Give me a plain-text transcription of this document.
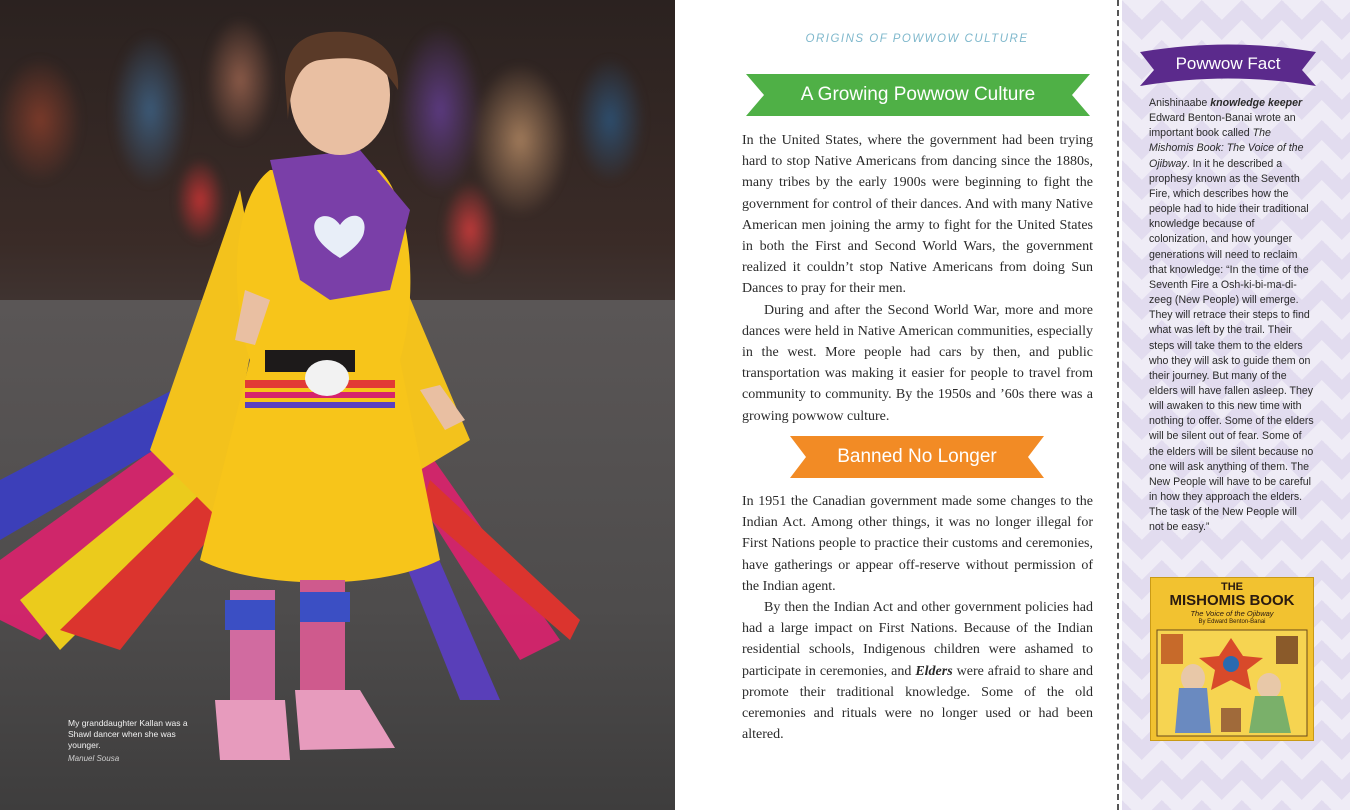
My granddaughter Kallan was a Shawl dancer when she was younger.
Manuel Sousa
ORIGINS OF POWWOW CULTURE
A Growing Powwow Culture

In the United States, where the government had been trying hard to stop Native Americans from dancing since the 1880s, many tribes by the early 1900s were beginning to fight the government for control of their dances. And with many Native American men joining the army to fight for the United States in both the First and Second World Wars, the government realized it couldn’t stop Native Americans from doing Sun Dances to pray for their men.

During and after the Second World War, more and more dances were held in Native American communities, especially in the west. More people had cars by then, and public transportation was making it easier for people to travel from community to community. By the 1950s and ’60s there was a growing powwow culture.

Banned No Longer

In 1951 the Canadian government made some changes to the Indian Act. Among other things, it was no longer illegal for First Nations people to practice their customs and ceremonies, have gatherings or appear off-reserve without permission of the Indian agent.

By then the Indian Act and other government policies had had a large impact on First Nations. Because of the Indian residential schools, Indigenous children were ashamed to participate in ceremonies, and Elders were afraid to share and promote their traditional knowledge. Some of the old ceremonies and rituals were no longer used or had been altered.

Powwow Fact
Anishinaabe knowledge keeper Edward Benton-Banai wrote an important book called The Mishomis Book: The Voice of the Ojibway. In it he described a prophesy known as the Seventh Fire, which describes how the people had to hide their traditional knowledge because of colonization, and how younger generations will need to reclaim that knowledge: “In the time of the Seventh Fire a Osh-ki-bi-ma-di-zeeg (New People) will emerge. They will retrace their steps to find what was left by the trail. Their steps will take them to the elders who they will ask to guide them on their journey. But many of the elders will have fallen asleep. They will awaken to this new time with nothing to offer. Some of the elders will be silent out of fear. Some of the elders will be silent because no one will ask anything of them. The New People will have to be careful in how they approach the elders. The task of the New People will not be easy.”
THE
MISHOMIS BOOK
The Voice of the Ojibway
By Edward Benton-Banai
